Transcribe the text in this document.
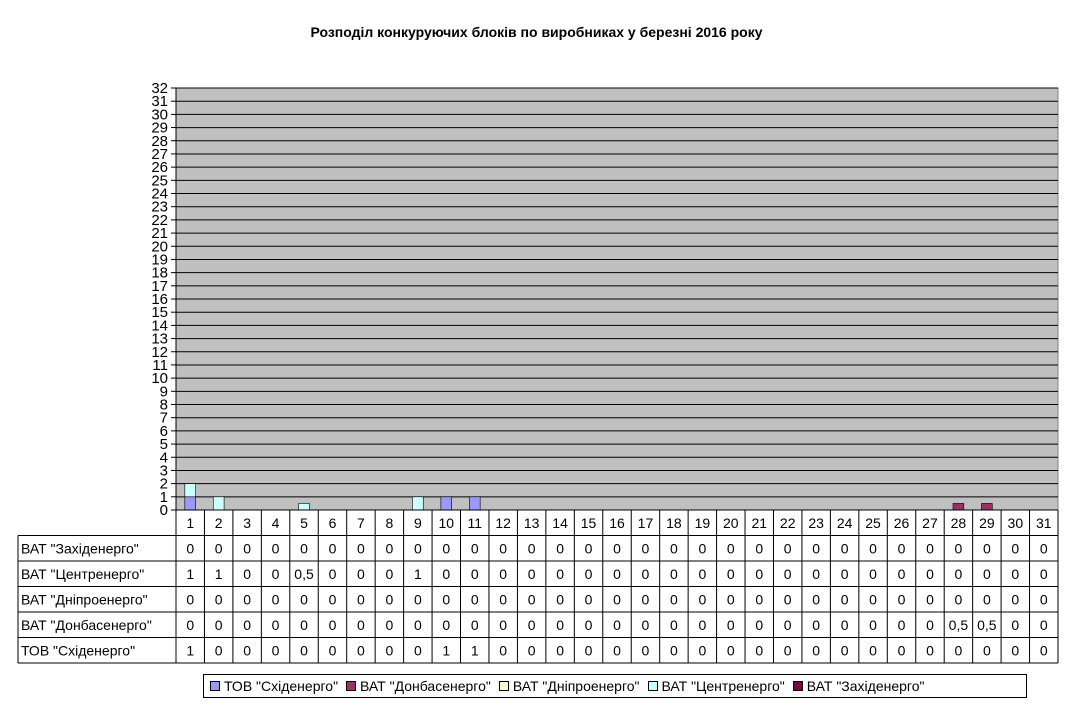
Розподіл конкуруючих блоків по виробниках у березні 2016 року
0
1
2
3
4
5
6
7
8
9
10
11
12
13
14
15
16
17
18
19
20
21
22
23
24
25
26
27
28
29
30
31
32
1 2 3 4 5 6 7 8 9 10 11 12 13 14 15 16 17 18 19 20 21 22 23 24 25 26 27 28 29 30 31
ВАТ "Західенерго"	0 0 0 0 0 0 0 0 0 0 0 0 0 0 0 0 0 0 0 0 0 0 0 0 0 0 0 0 0 0 0
ВАТ "Центренерго"	1 1 0 0 0,5 0 0 0 1 0 0 0 0 0 0 0 0 0 0 0 0 0 0 0 0 0 0 0 0 0 0
ВАТ "Дніпроенерго"	0 0 0 0 0 0 0 0 0 0 0 0 0 0 0 0 0 0 0 0 0 0 0 0 0 0 0 0 0 0 0
ВАТ "Донбасенерго" 0 0 0 0 0 0 0 0 0 0 0 0 0 0 0 0 0 0 0 0 0 0 0 0 0 0 0 0,5 0,5 0 0
ТОВ "Східенерго"	1 0 0 0 0 0 0 0 0 1 1 0 0 0 0 0 0 0 0 0 0 0 0 0 0 0 0 0 0 0 0
ТОВ "Східенерго" ВАТ "Донбасенерго" ВАТ "Дніпроенерго" ВАТ "Центренерго" ВАТ "Західенерго"
